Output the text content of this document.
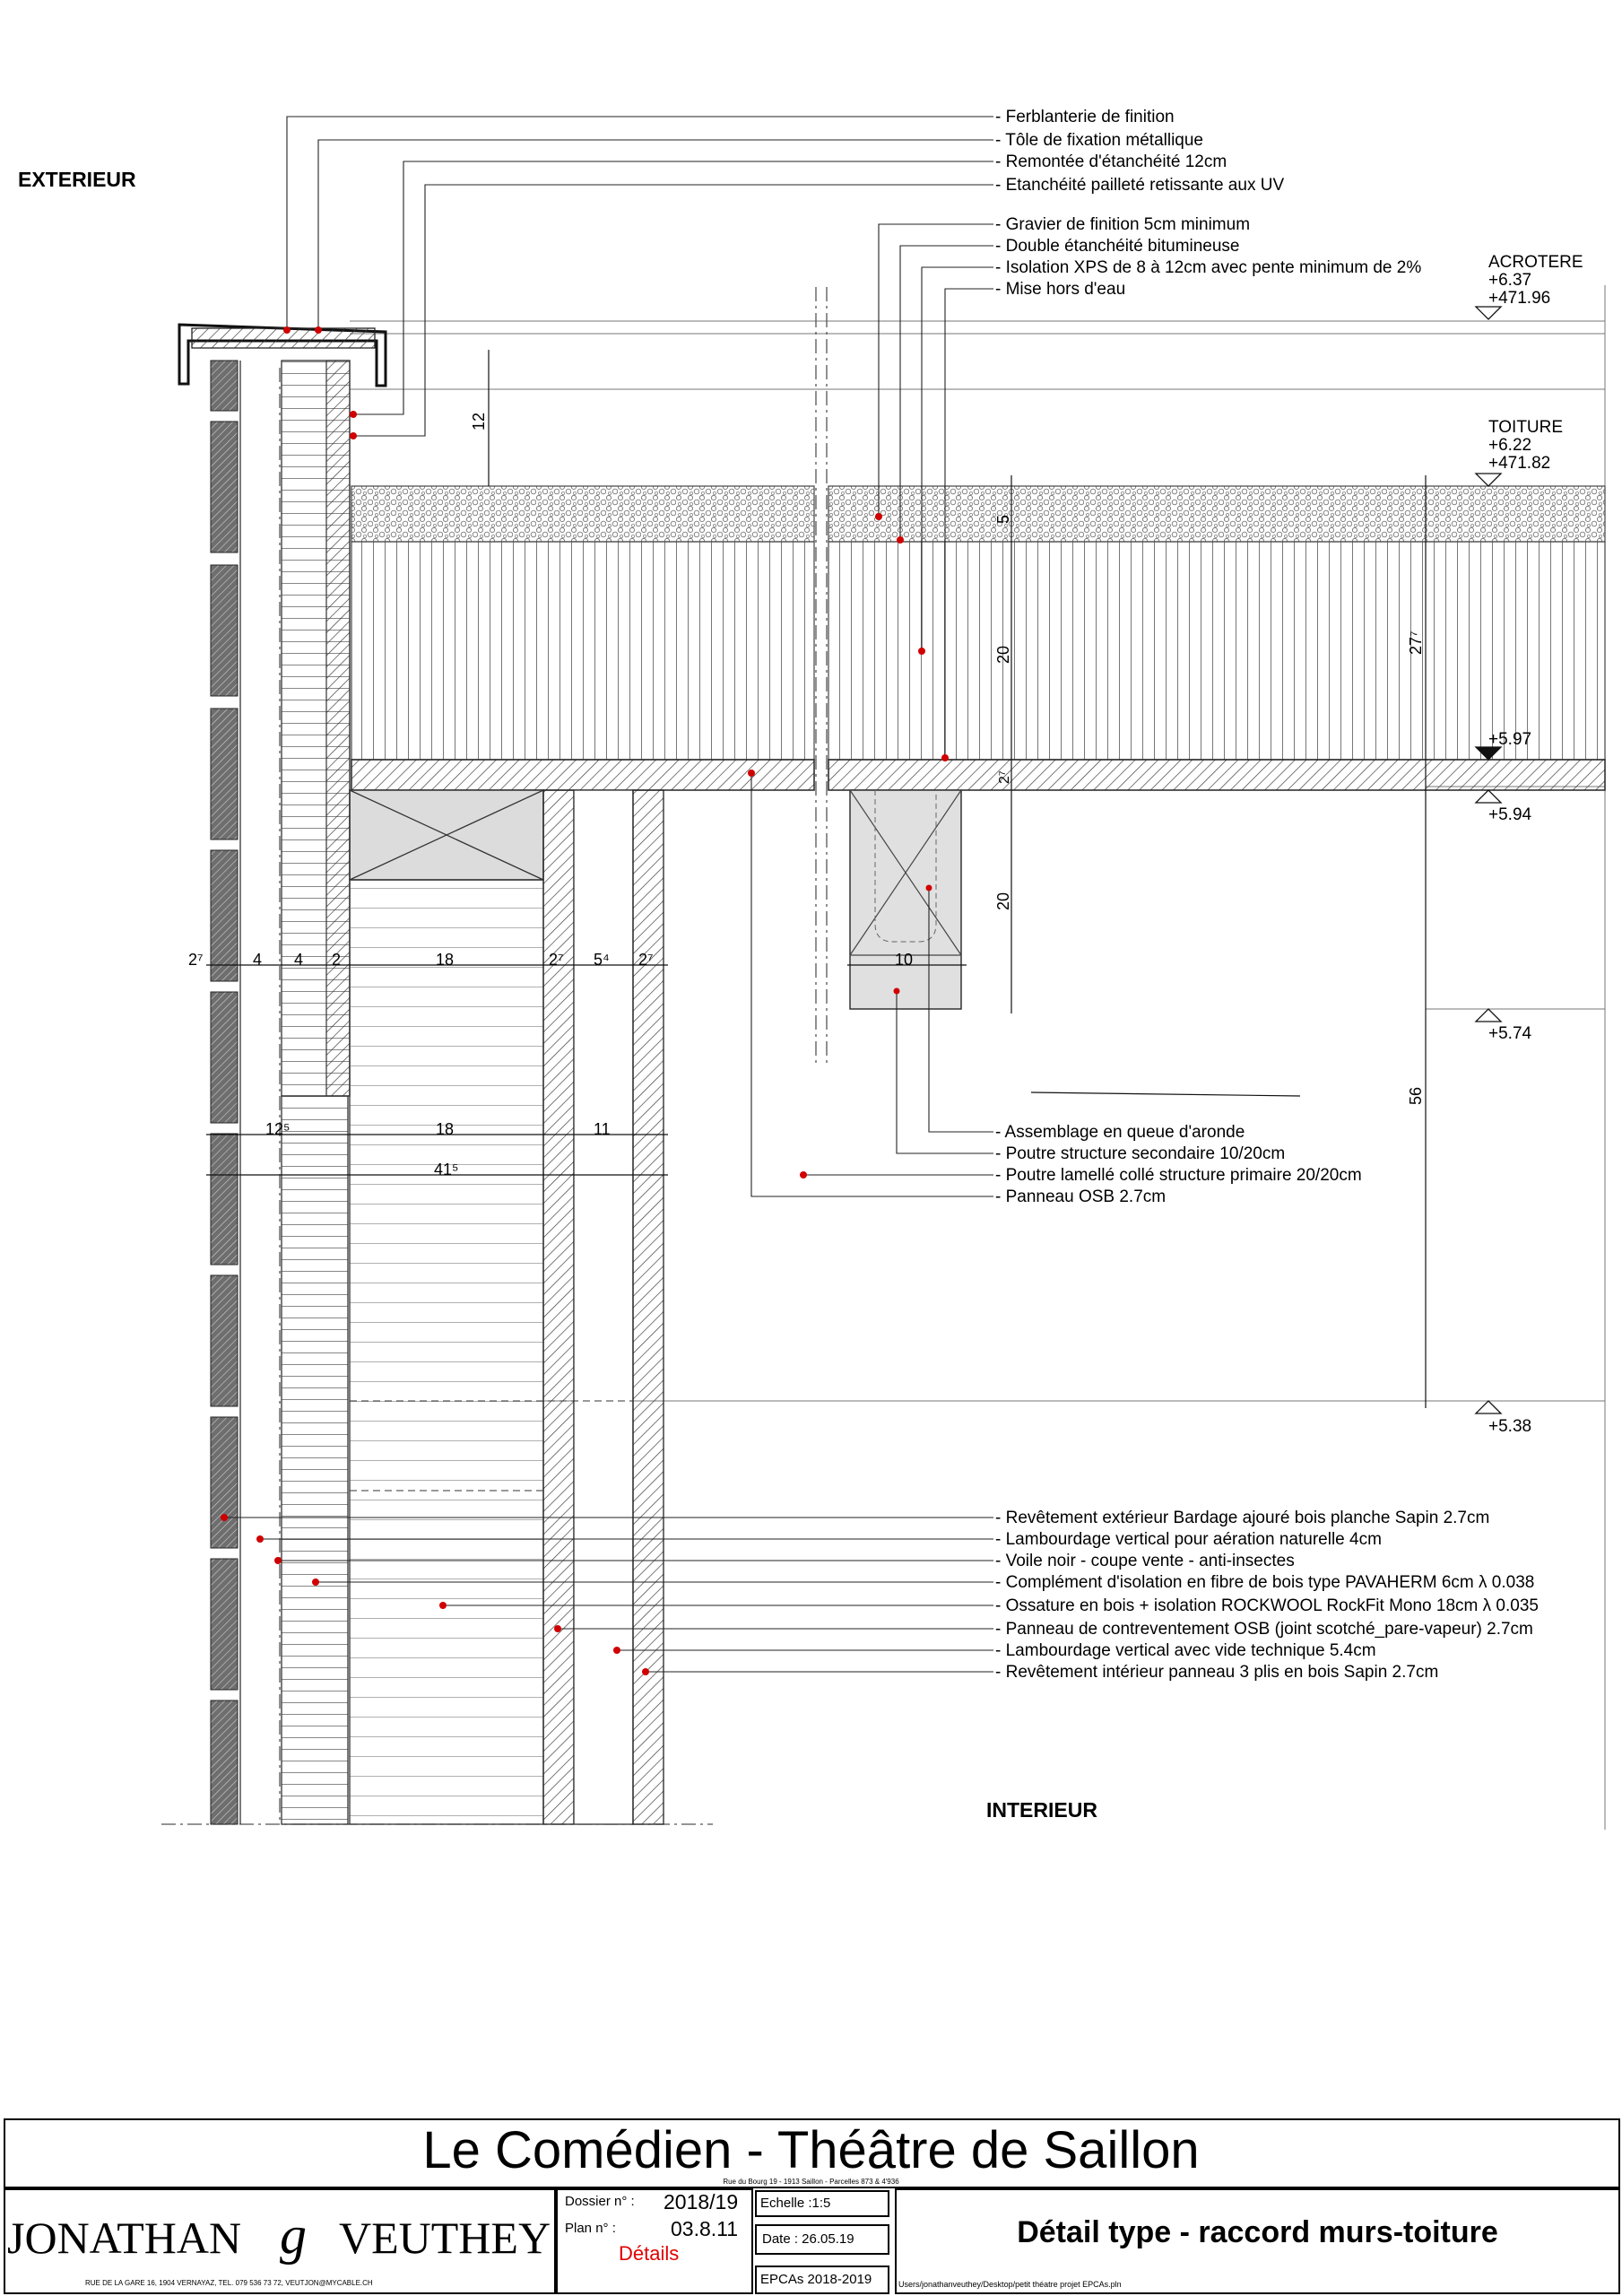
EXTERIEUR
INTERIEUR
12
5
20
2⁷
27⁷
20
10
56
2⁷	4 4 2	18	2⁷ 5⁴ 2⁷
12⁵	18	11
41⁵
ACROTERE
+6.37
+471.96
TOITURE
+6.22
+471.82
+5.97
+5.94
+5.74
+5.38
- Ferblanterie de finition
- Tôle de fixation métallique
- Remontée d'étanchéité 12cm
- Etanchéité pailleté retissante aux UV
- Gravier de finition 5cm minimum
- Double étanchéité bitumineuse
- Isolation XPS de 8 à 12cm avec pente minimum de 2%
- Mise hors d'eau
- Assemblage en queue d'aronde
- Poutre structure secondaire 10/20cm
- Poutre lamellé collé structure primaire 20/20cm
- Panneau OSB 2.7cm
- Revêtement extérieur Bardage ajouré bois planche Sapin 2.7cm
- Lambourdage vertical pour aération naturelle 4cm
- Voile noir - coupe vente - anti-insectes
- Complément d'isolation en fibre de bois type PAVAHERM 6cm λ 0.038
- Ossature en bois + isolation ROCKWOOL RockFit Mono 18cm λ 0.035
- Panneau de contreventement OSB (joint scotché_pare-vapeur) 2.7cm
- Lambourdage vertical avec vide technique 5.4cm
- Revêtement intérieur panneau 3 plis en bois Sapin 2.7cm
Le Comédien - Théâtre de Saillon
Rue du Bourg 19 - 1913 Saillon - Parcelles 873 & 4'936
JONATHAN g VEUTHEY
RUE DE LA GARE 16, 1904 VERNAYAZ, TEL. 079 536 73 72, VEUTJON@MYCABLE.CH
Dossier n° : 2018/19
Plan n° :	03.8.11
Détails
Echelle :1:5
Date : 26.05.19
EPCAs 2018-2019
Détail type - raccord murs-toiture
Users/jonathanveuthey/Desktop/petit théatre projet EPCAs.pln
